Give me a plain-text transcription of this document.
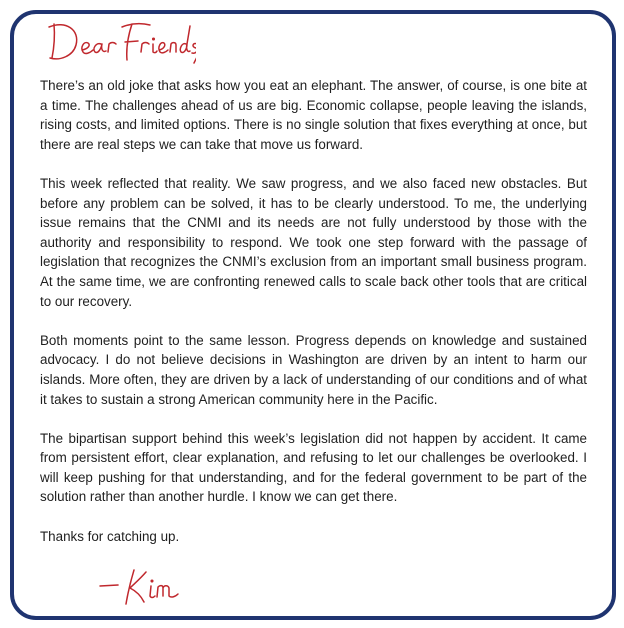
There’s an old joke that asks how you eat an elephant. The answer, of course, is one bite at a time. The challenges ahead of us are big. Economic collapse, people leaving the islands, rising costs, and limited options. There is no single solution that fixes everything at once, but there are real steps we can take that move us forward.

This week reflected that reality. We saw progress, and we also faced new obstacles. But before any problem can be solved, it has to be clearly understood. To me, the underlying issue remains that the CNMI and its needs are not fully understood by those with the authority and responsibility to respond. We took one step forward with the passage of legislation that recognizes the CNMI’s exclusion from an important small business program. At the same time, we are confronting renewed calls to scale back other tools that are critical to our recovery.

Both moments point to the same lesson. Progress depends on knowledge and sustained advocacy. I do not believe decisions in Washington are driven by an intent to harm our islands. More often, they are driven by a lack of understanding of our conditions and of what it takes to sustain a strong American community here in the Pacific.

The bipartisan support behind this week’s legislation did not happen by accident. It came from persistent effort, clear explanation, and refusing to let our challenges be overlooked. I will keep pushing for that understanding, and for the federal government to be part of the solution rather than another hurdle. I know we can get there.

Thanks for catching up.
